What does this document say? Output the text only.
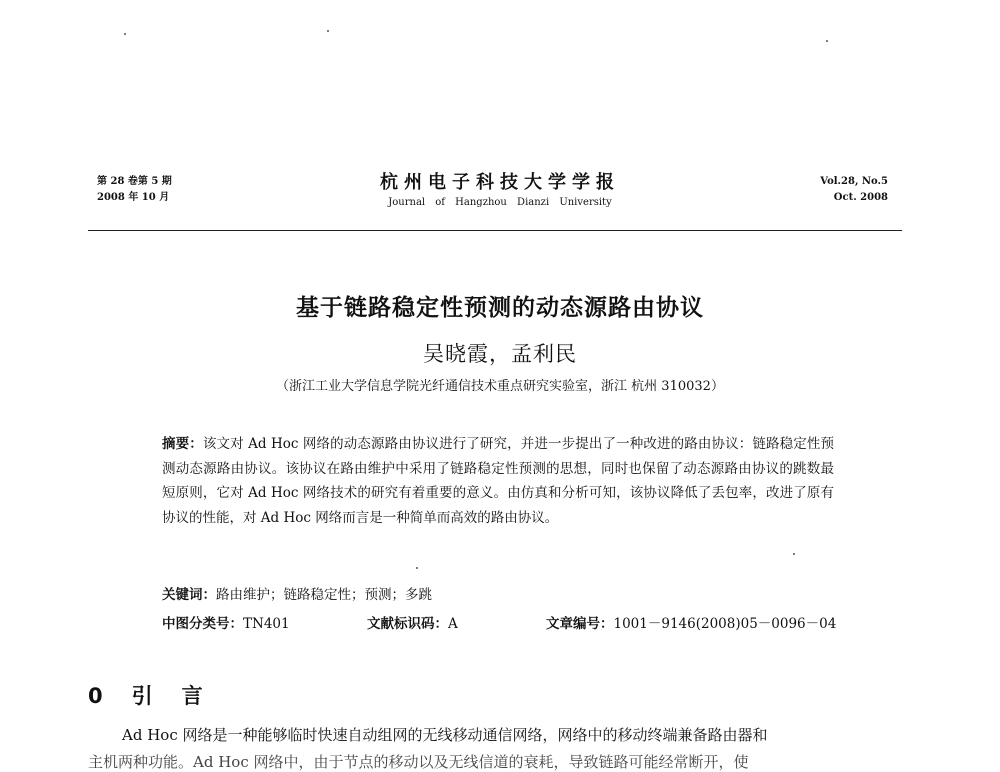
第 28 卷第 5 期
2008 年 10 月
杭州电子科技大学学报
Journal of Hangzhou Dianzi University
Vol.28, No.5
Oct. 2008
基于链路稳定性预测的动态源路由协议
吴晓霞，孟利民
（浙江工业大学信息学院光纤通信技术重点研究实验室，浙江 杭州 310032）
摘要：该文对 Ad Hoc 网络的动态源路由协议进行了研究，并进一步提出了一种改进的路由协议：链路稳定性预测动态源路由协议。该协议在路由维护中采用了链路稳定性预测的思想，同时也保留了动态源路由协议的跳数最短原则，它对 Ad Hoc 网络技术的研究有着重要的意义。由仿真和分析可知，该协议降低了丢包率，改进了原有协议的性能，对 Ad Hoc 网络而言是一种简单而高效的路由协议。
关键词：路由维护；链路稳定性；预测；多跳
中图分类号：TN401	文献标识码：A	文章编号：1001－9146(2008)05－0096－04
0　引　言
Ad Hoc 网络是一种能够临时快速自动组网的无线移动通信网络，网络中的移动终端兼备路由器和
主机两种功能。Ad Hoc 网络中，由于节点的移动以及无线信道的衰耗，导致链路可能经常断开，使
